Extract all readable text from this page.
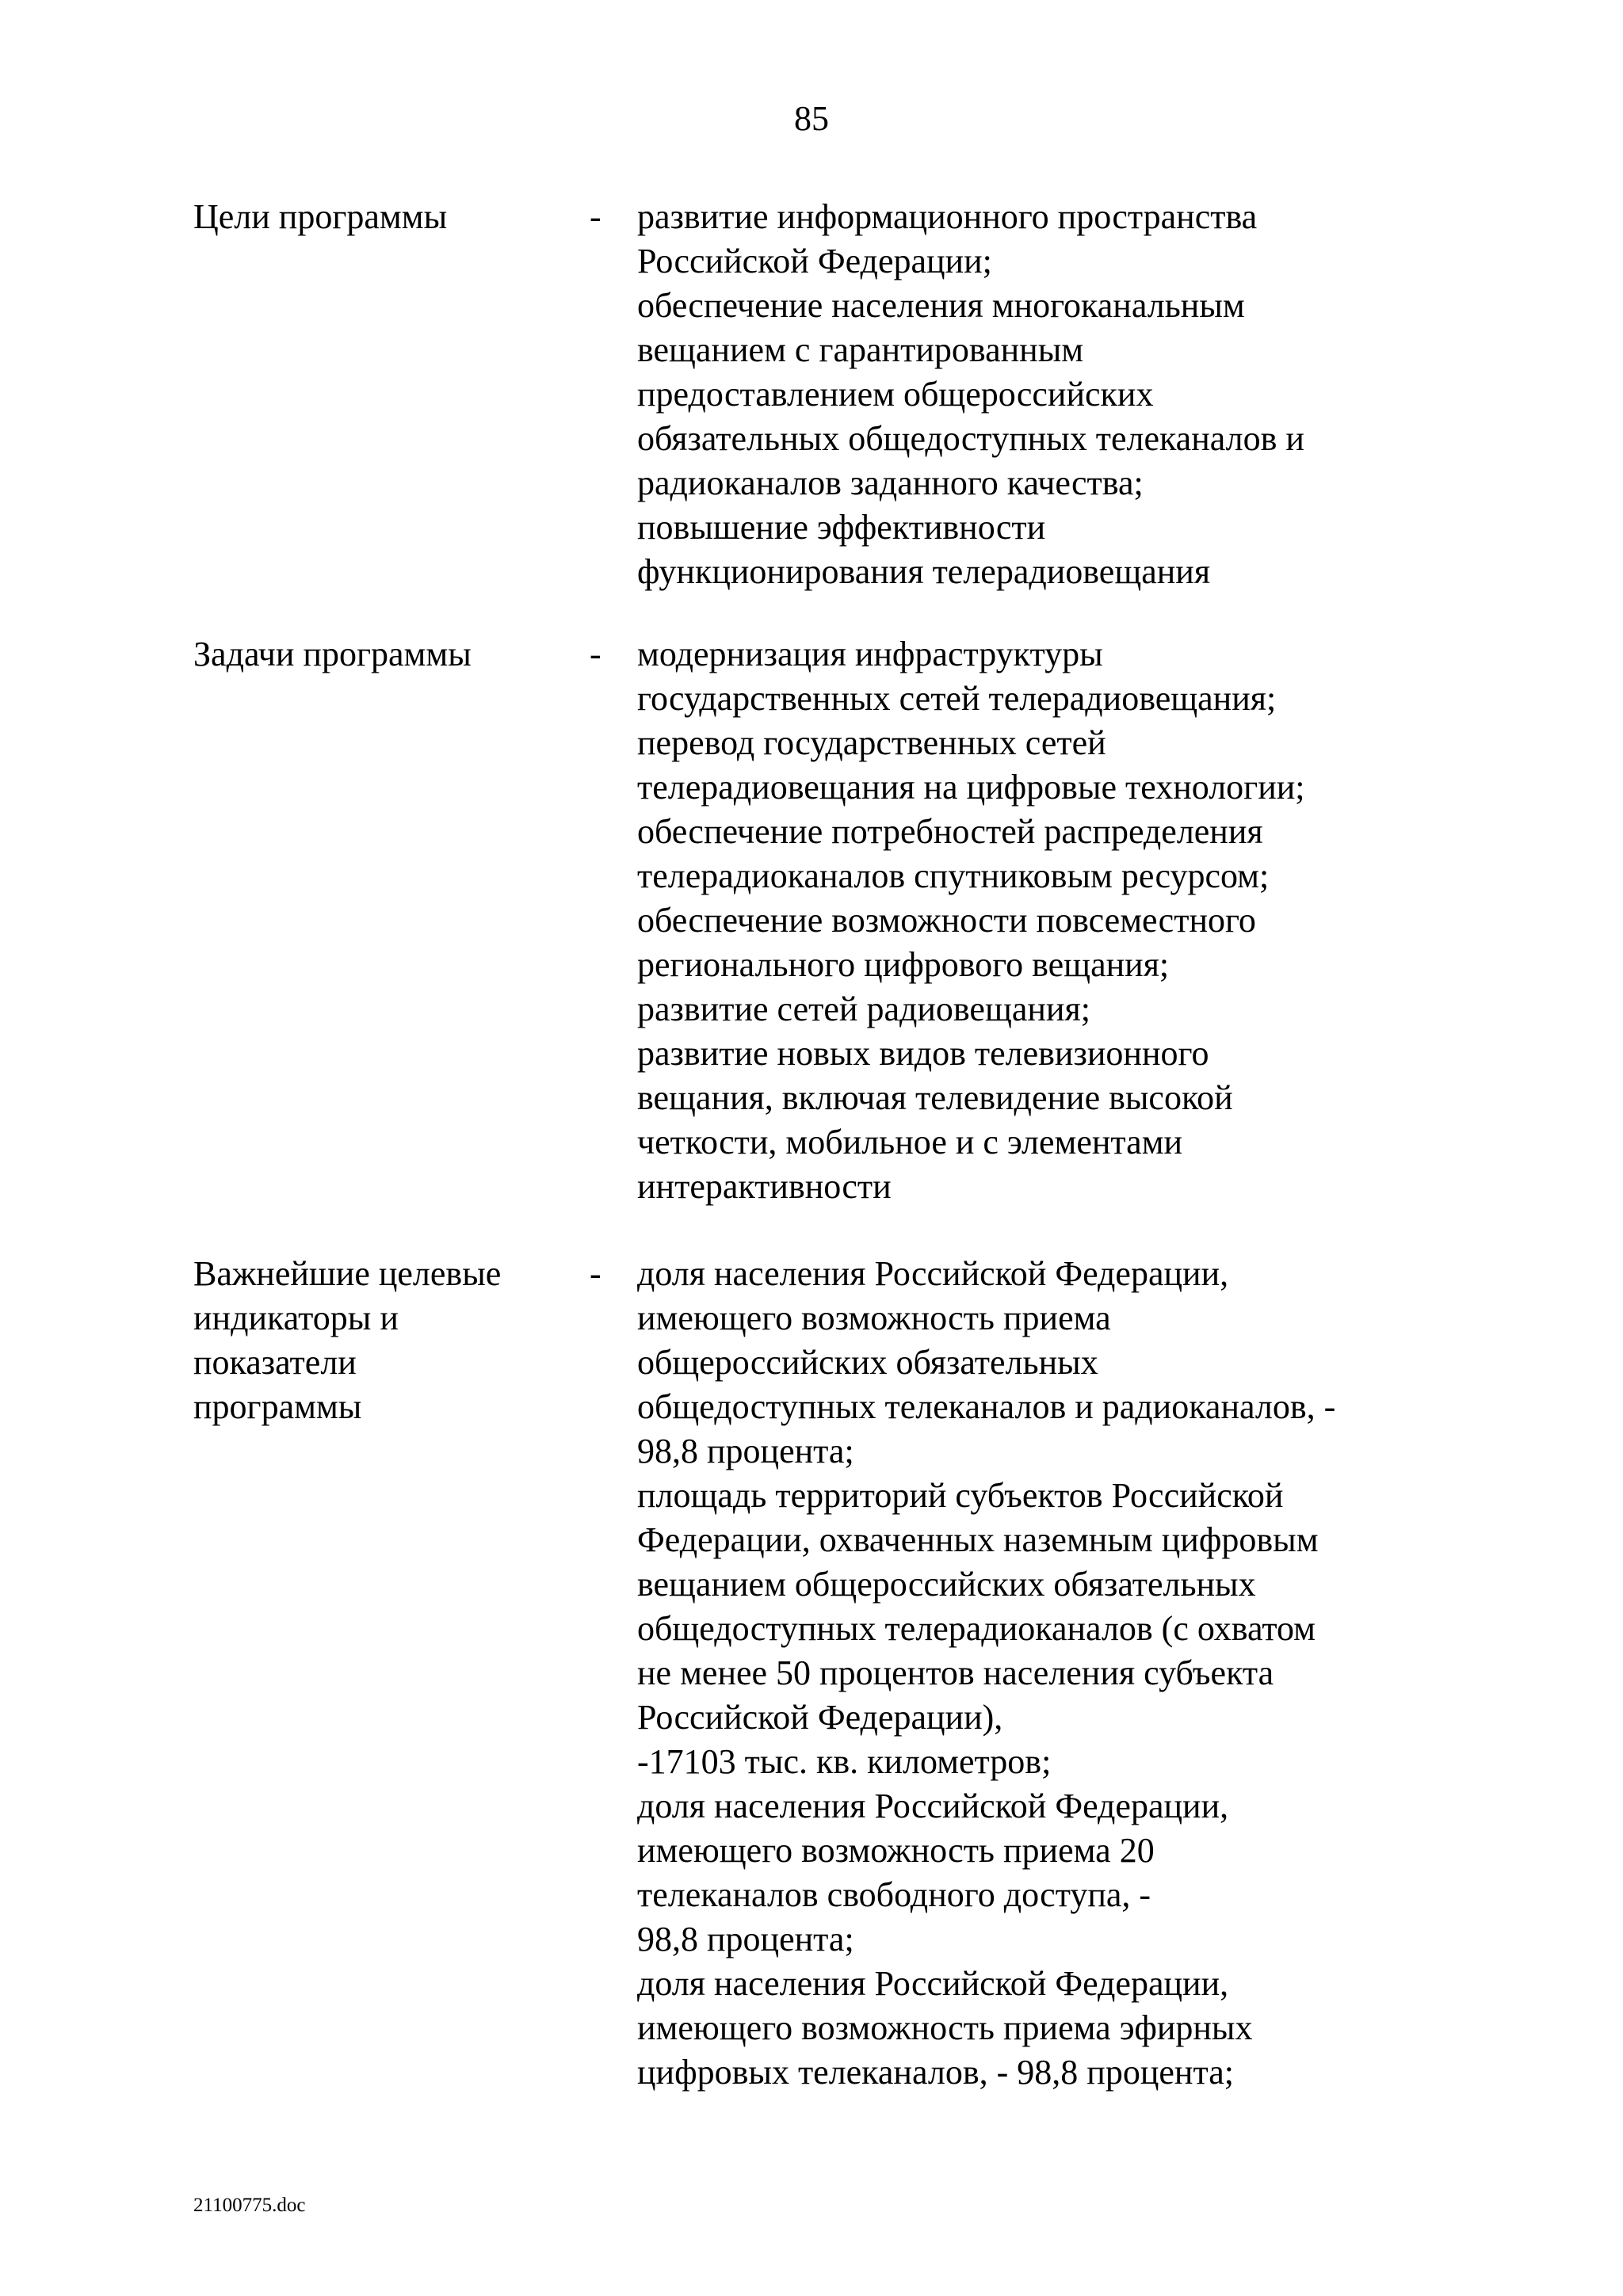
85
Цели программы	- развитие информационного пространства
Российской Федерации;
обеспечение населения многоканальным
вещанием с гарантированным
предоставлением общероссийских
обязательных общедоступных телеканалов и
радиоканалов заданного качества;
повышение эффективности
функционирования телерадиовещания
Задачи программы	- модернизация инфраструктуры
государственных сетей телерадиовещания;
перевод государственных сетей
телерадиовещания на цифровые технологии;
обеспечение потребностей распределения
телерадиоканалов спутниковым ресурсом;
обеспечение возможности повсеместного
регионального цифрового вещания;
развитие сетей радиовещания;
развитие новых видов телевизионного
вещания, включая телевидение высокой
четкости, мобильное и с элементами
интерактивности
Важнейшие целевые
индикаторы и
показатели
программы
- доля населения Российской Федерации,
имеющего возможность приема
общероссийских обязательных
общедоступных телеканалов и радиоканалов, -
98,8 процента;
площадь территорий субъектов Российской
Федерации, охваченных наземным цифровым
вещанием общероссийских обязательных
общедоступных телерадиоканалов (с охватом
не менее 50 процентов населения субъекта
Российской Федерации),
-17103 тыс. кв. километров;
доля населения Российской Федерации,
имеющего возможность приема 20
телеканалов свободного доступа, -
98,8 процента;
доля населения Российской Федерации,
имеющего возможность приема эфирных
цифровых телеканалов, - 98,8 процента;
21100775.doc
